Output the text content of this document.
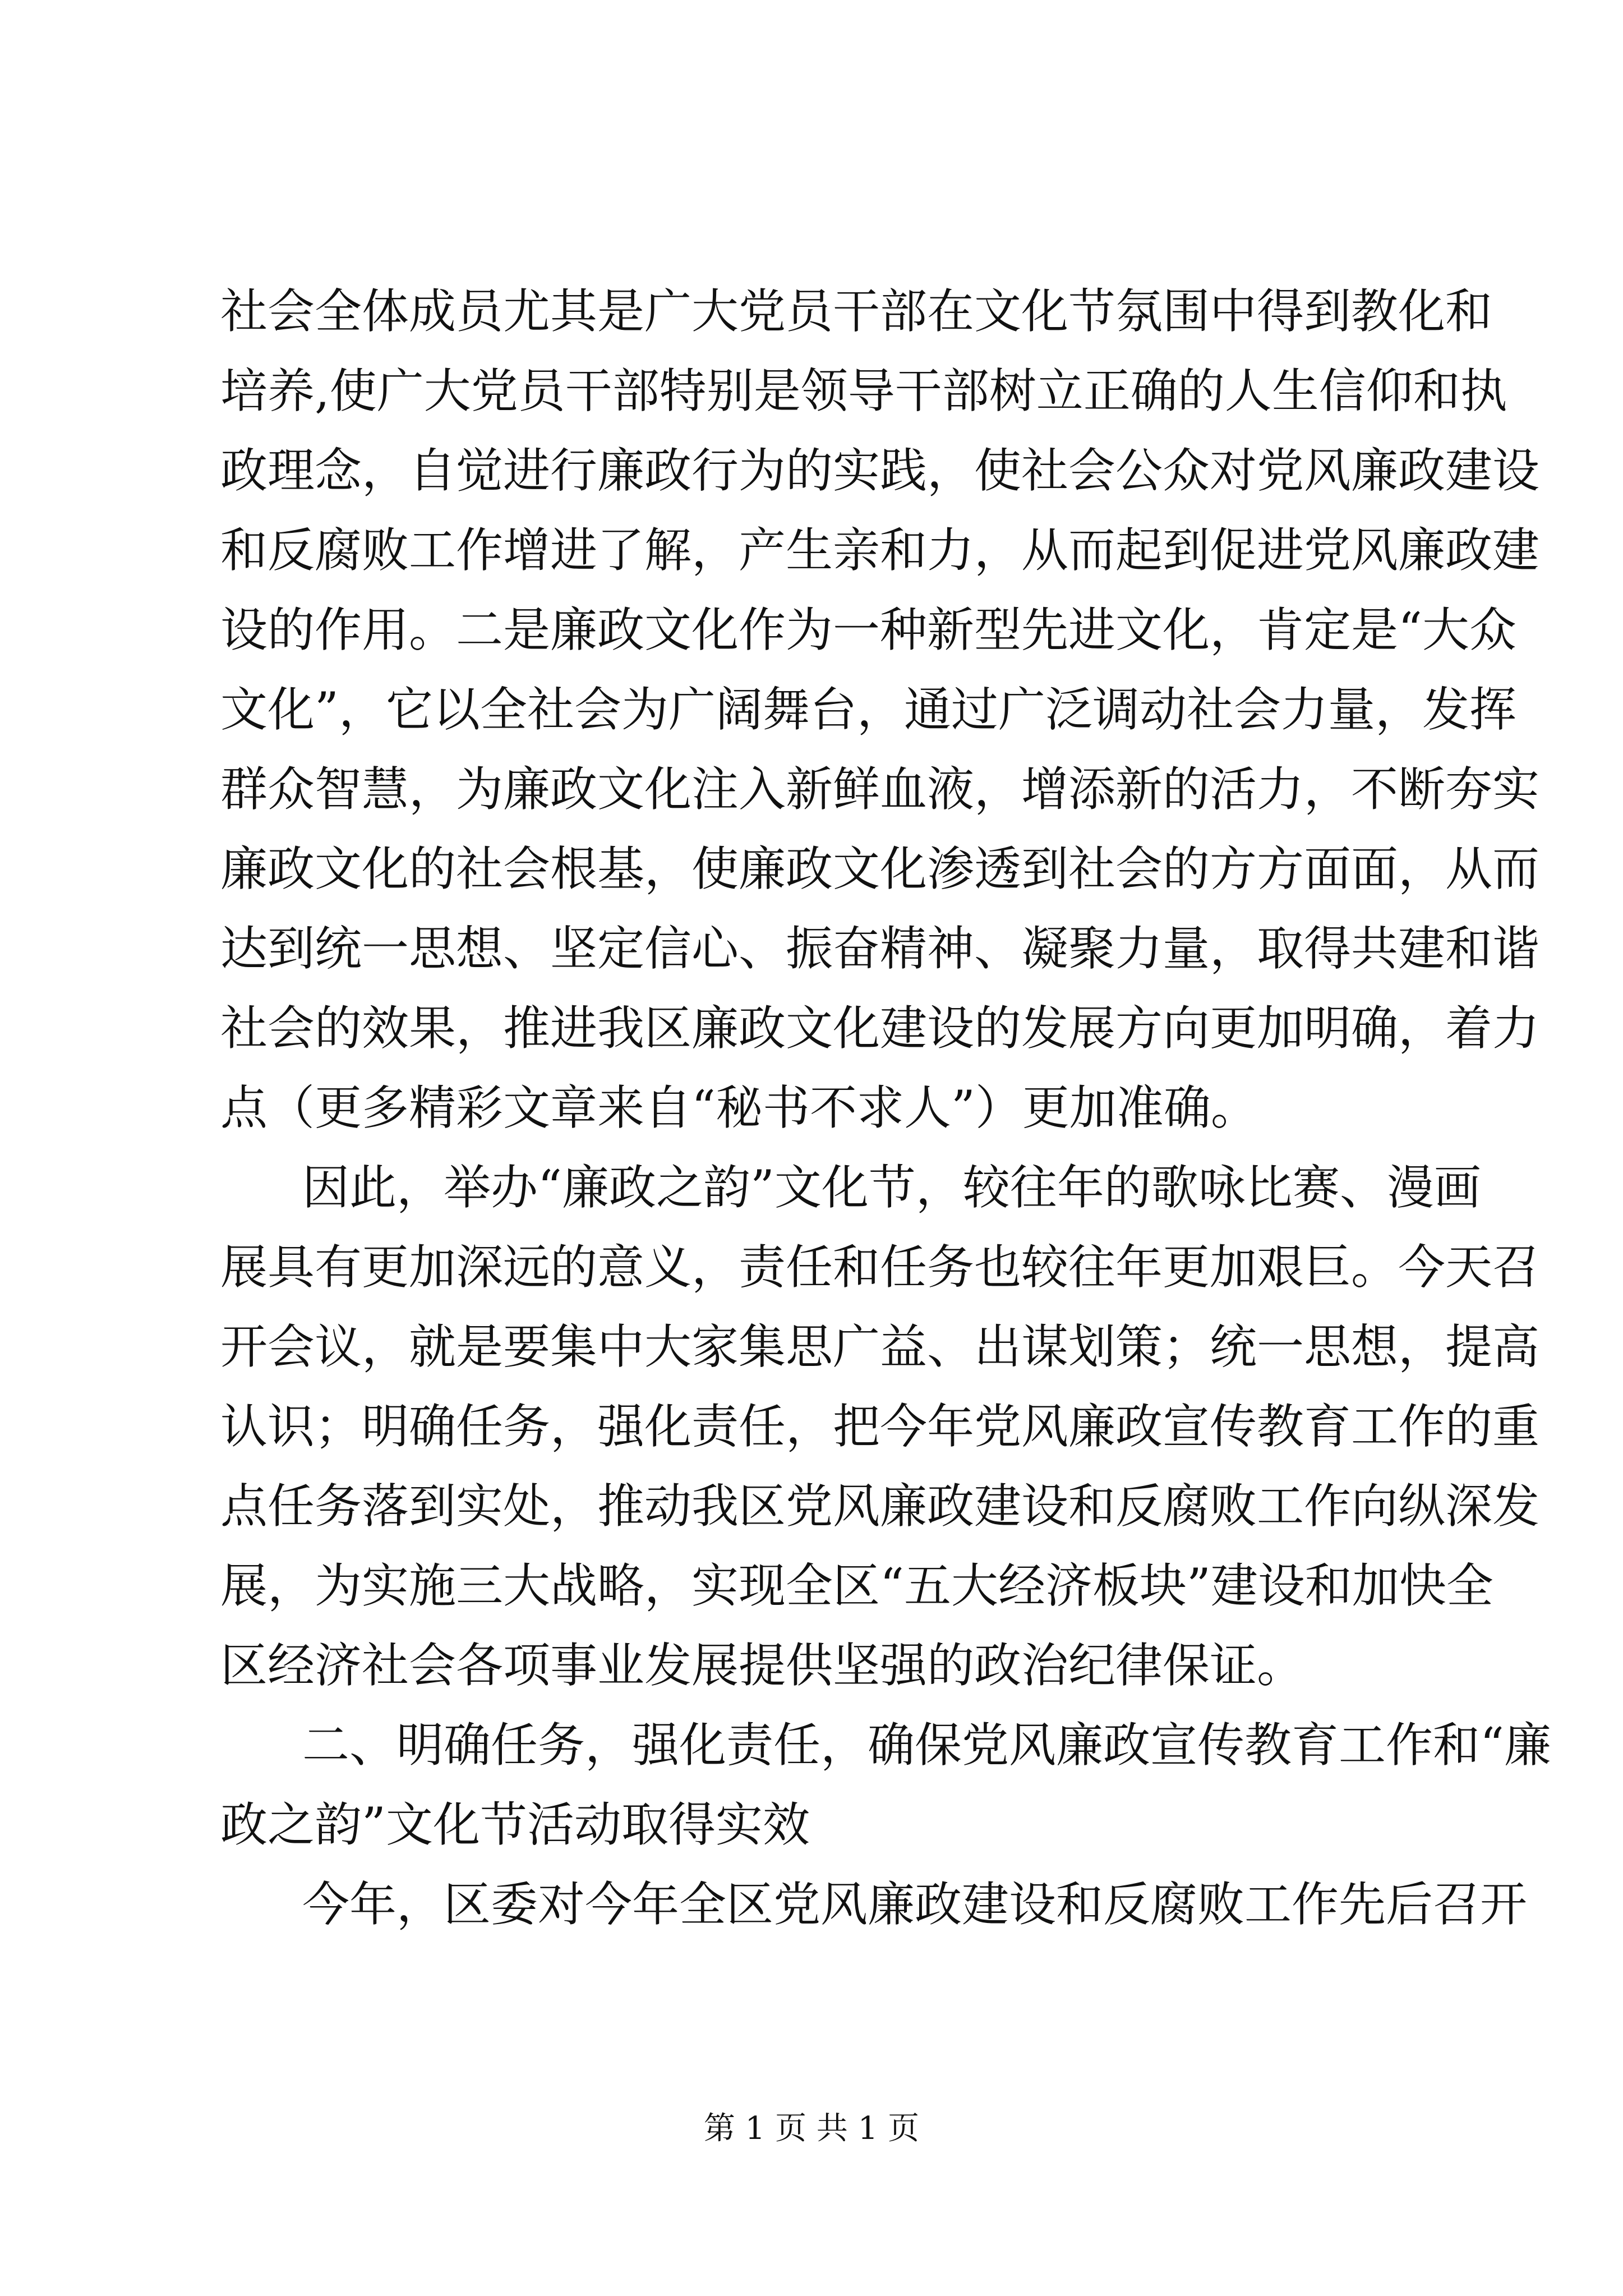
社会全体成员尤其是广大党员干部在文化节氛围中得到教化和
培养,使广大党员干部特别是领导干部树立正确的人生信仰和执
政理念，自觉进行廉政行为的实践，使社会公众对党风廉政建设
和反腐败工作增进了解，产生亲和力，从而起到促进党风廉政建
设的作用。二是廉政文化作为一种新型先进文化，肯定是“大众
文化”，它以全社会为广阔舞台，通过广泛调动社会力量，发挥
群众智慧，为廉政文化注入新鲜血液，增添新的活力，不断夯实
廉政文化的社会根基，使廉政文化渗透到社会的方方面面，从而
达到统一思想、坚定信心、振奋精神、凝聚力量，取得共建和谐
社会的效果，推进我区廉政文化建设的发展方向更加明确，着力
点（更多精彩文章来自“秘书不求人”）更加准确。
因此，举办“廉政之韵”文化节，较往年的歌咏比赛、漫画
展具有更加深远的意义，责任和任务也较往年更加艰巨。今天召
开会议，就是要集中大家集思广益、出谋划策；统一思想，提高
认识；明确任务，强化责任，把今年党风廉政宣传教育工作的重
点任务落到实处，推动我区党风廉政建设和反腐败工作向纵深发
展，为实施三大战略，实现全区“五大经济板块”建设和加快全
区经济社会各项事业发展提供坚强的政治纪律保证。
二、明确任务，强化责任，确保党风廉政宣传教育工作和“廉
政之韵”文化节活动取得实效
今年，区委对今年全区党风廉政建设和反腐败工作先后召开
第 1 页 共 1 页
